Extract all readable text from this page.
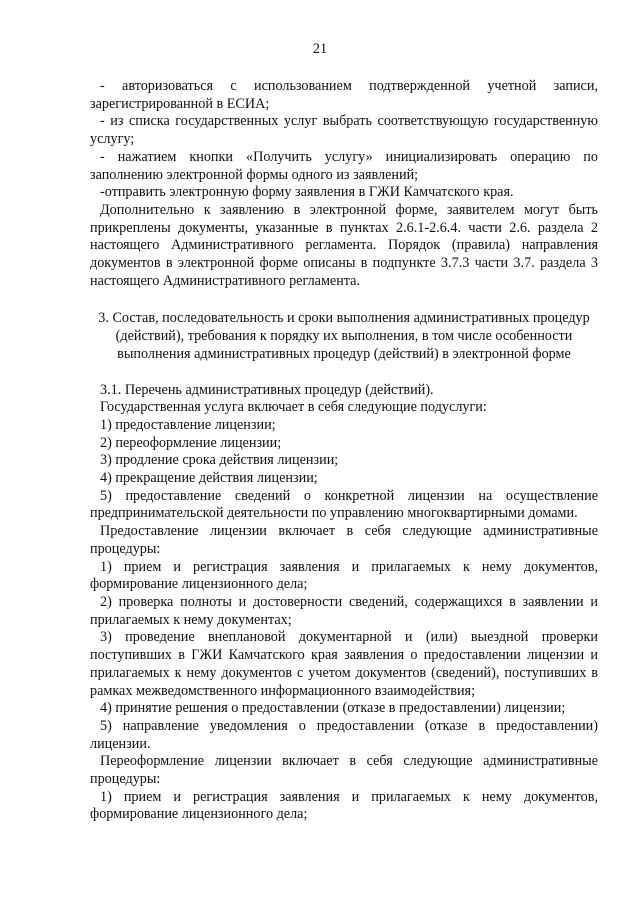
21

- авторизоваться с использованием подтвержденной учетной записи, зарегистрированной в ЕСИА;

- из списка государственных услуг выбрать соответствующую государственную услугу;

- нажатием кнопки «Получить услугу» инициализировать операцию по заполнению электронной формы одного из заявлений;

-отправить электронную форму заявления в ГЖИ Камчатского края.

Дополнительно к заявлению в электронной форме, заявителем могут быть прикреплены документы, указанные в пунктах 2.6.1-2.6.4. части 2.6. раздела 2 настоящего Административного регламента. Порядок (правила) направления документов в электронной форме описаны в подпункте 3.7.3 части 3.7. раздела 3 настоящего Административного регламента.

3. Состав, последовательность и сроки выполнения административных процедур (действий), требования к порядку их выполнения, в том числе особенности выполнения административных процедур (действий) в электронной форме

3.1. Перечень административных процедур (действий).

Государственная услуга включает в себя следующие подуслуги:

1) предоставление лицензии;

2) переоформление лицензии;

3) продление срока действия лицензии;

4) прекращение действия лицензии;

5) предоставление сведений о конкретной лицензии на осуществление предпринимательской деятельности по управлению многоквартирными домами.

Предоставление лицензии включает в себя следующие административные процедуры:

1) прием и регистрация заявления и прилагаемых к нему документов, формирование лицензионного дела;

2) проверка полноты и достоверности сведений, содержащихся в заявлении и прилагаемых к нему документах;

3) проведение внеплановой документарной и (или) выездной проверки поступивших в ГЖИ Камчатского края заявления о предоставлении лицензии и прилагаемых к нему документов с учетом документов (сведений), поступивших в рамках межведомственного информационного взаимодействия;

4) принятие решения о предоставлении (отказе в предоставлении) лицензии;

5) направление уведомления о предоставлении (отказе в предоставлении) лицензии.

Переоформление лицензии включает в себя следующие административные процедуры:

1) прием и регистрация заявления и прилагаемых к нему документов, формирование лицензионного дела;
